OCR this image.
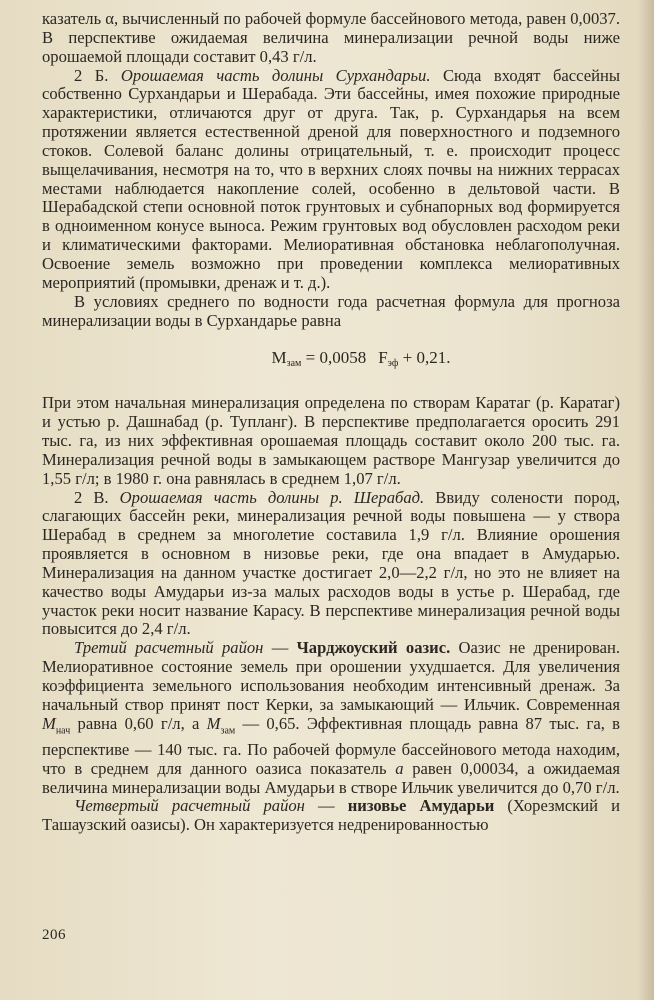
казатель α, вычисленный по рабочей формуле бассейнового метода, равен 0,0037. В перспективе ожидаемая величина минерализации речной воды ниже орошаемой площади составит 0,43 г/л.

2 Б. Орошаемая часть долины Сурхандарьи. Сюда входят бассейны собственно Сурхандарьи и Шерабада. Эти бассейны, имея похожие природные характеристики, отличаются друг от друга. Так, р. Сурхандарья на всем протяжении является естественной дреной для поверхностного и подземного стоков. Солевой баланс долины отрицательный, т. е. происходит процесс выщелачивания, несмотря на то, что в верхних слоях почвы на нижних террасах местами наблюдается накопление солей, особенно в дельтовой части. В Шерабадской степи основной поток грунтовых и субнапорных вод формируется в одноименном конусе выноса. Режим грунтовых вод обусловлен расходом реки и климатическими факторами. Мелиоративная обстановка неблагополучная. Освоение земель возможно при проведении комплекса мелиоративных мероприятий (промывки, дренаж и т. д.).

В условиях среднего по водности года расчетная формула для прогноза минерализации воды в Сурхандарье равна

$M_{зам} = 0,0058$ $F_{эф} + 0,21$.

При этом начальная минерализация определена по створам Каратаг (р. Каратаг) и устью р. Дашнабад (р. Тупланг). В перспективе предполагается оросить 291 тыс. га, из них эффективная орошаемая площадь составит около 200 тыс. га. Минерализация речной воды в замыкающем растворе Мангузар увеличится до 1,55 г/л; в 1980 г. она равнялась в среднем 1,07 г/л.

2 В. Орошаемая часть долины р. Шерабад. Ввиду солености пород, слагающих бассейн реки, минерализация речной воды повышена — у створа Шерабад в среднем за многолетие составила 1,9 г/л. Влияние орошения проявляется в основном в низовье реки, где она впадает в Амударью. Минерализация на данном участке достигает 2,0—2,2 г/л, но это не влияет на качество воды Амударьи из-за малых расходов воды в устье р. Шерабад, где участок реки носит название Карасу. В перспективе минерализация речной воды повысится до 2,4 г/л.

Третий расчетный район — Чарджоуский оазис. Оазис не дренирован. Мелиоративное состояние земель при орошении ухудшается. Для увеличения коэффициента земельного использования необходим интенсивный дренаж. За начальный створ принят пост Керки, за замыкающий — Ильчик. Современная $M_{нач}$ равна 0,60 г/л, а $M_{зам}$ — 0,65. Эффективная площадь равна 87 тыс. га, в перспективе — 140 тыс. га. По рабочей формуле бассейнового метода находим, что в среднем для данного оазиса показатель a равен 0,00034, а ожидаемая величина минерализации воды Амударьи в створе Ильчик увеличится до 0,70 г/л.

Четвертый расчетный район — низовье Амударьи (Хорезмский и Ташаузский оазисы). Он характеризуется недренированностью

206
